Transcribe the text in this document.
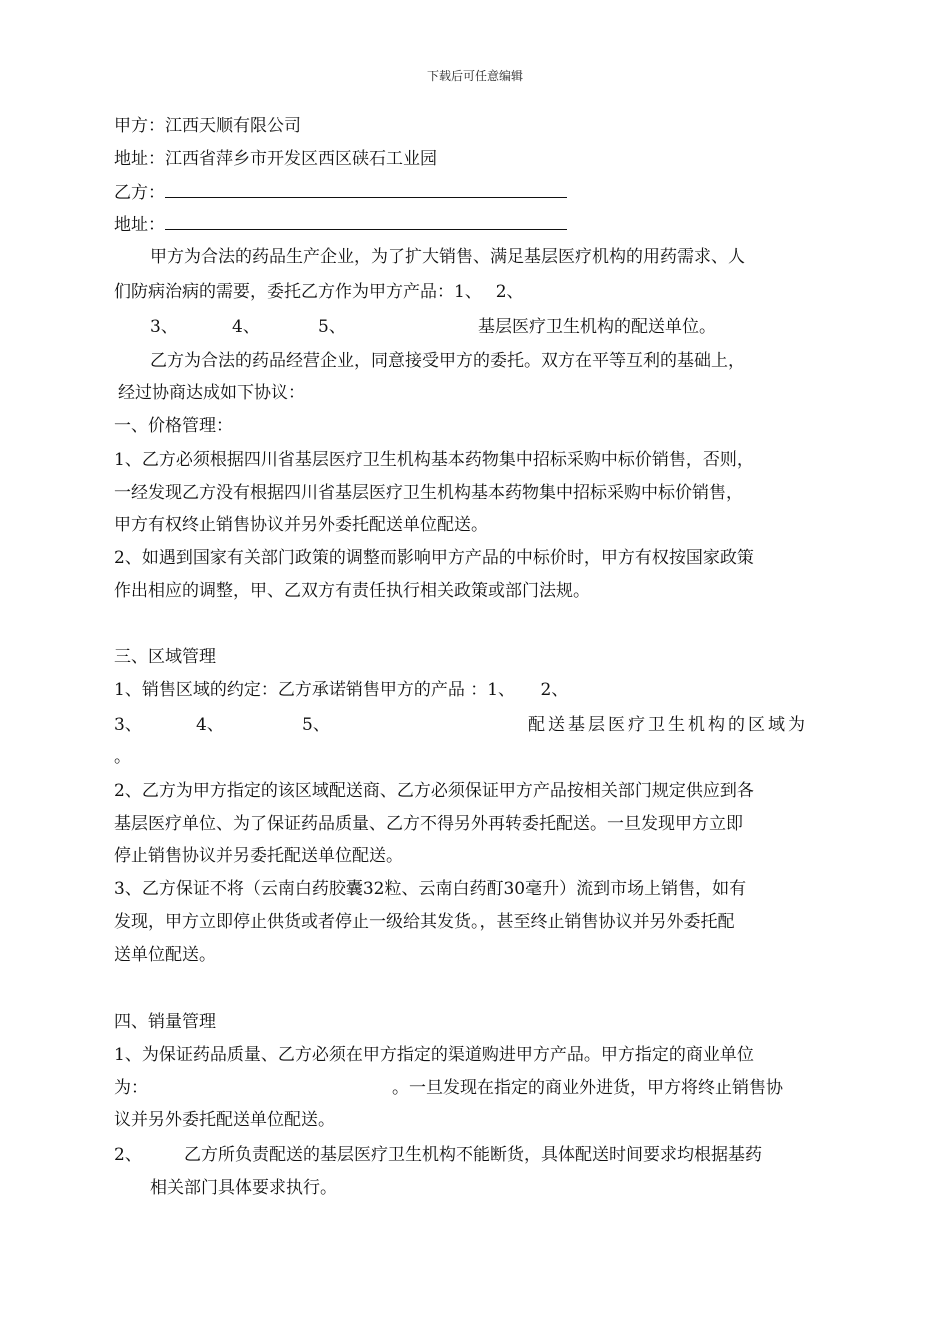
下载后可任意编辑
甲方：江西天顺有限公司
地址：江西省萍乡市开发区西区硖石工业园
乙方：
地址：
甲方为合法的药品生产企业，为了扩大销售、满足基层医疗机构的用药需求、人
们防病治病的需要，委托乙方作为甲方产品：1、　 2、
3、	4、	5、	基层医疗卫生机构的配送单位。
乙方为合法的药品经营企业，同意接受甲方的委托。双方在平等互利的基础上，
经过协商达成如下协议：
一、价格管理：
1、乙方必须根据四川省基层医疗卫生机构基本药物集中招标采购中标价销售，否则，
一经发现乙方没有根据四川省基层医疗卫生机构基本药物集中招标采购中标价销售，
甲方有权终止销售协议并另外委托配送单位配送。
2、如遇到国家有关部门政策的调整而影响甲方产品的中标价时，甲方有权按国家政策
作出相应的调整，甲、乙双方有责任执行相关政策或部门法规。
三、区域管理
1、销售区域的约定：乙方承诺销售甲方的产品 ：1、　　2、
3、	4、	5、	配送基层医疗卫生机构的区域为
。
2、乙方为甲方指定的该区域配送商、乙方必须保证甲方产品按相关部门规定供应到各
基层医疗单位、为了保证药品质量、乙方不得另外再转委托配送。一旦发现甲方立即
停止销售协议并另委托配送单位配送。
3、乙方保证不将（云南白药胶囊32粒、云南白药酊30毫升）流到市场上销售，如有
发现，甲方立即停止供货或者停止一级给其发货。，甚至终止销售协议并另外委托配
送单位配送。
四、销量管理
1、为保证药品质量、乙方必须在甲方指定的渠道购进甲方产品。甲方指定的商业单位
为：	。一旦发现在指定的商业外进货，甲方将终止销售协
议并另外委托配送单位配送。
2、 乙方所负责配送的基层医疗卫生机构不能断货，具体配送时间要求均根据基药
相关部门具体要求执行。
